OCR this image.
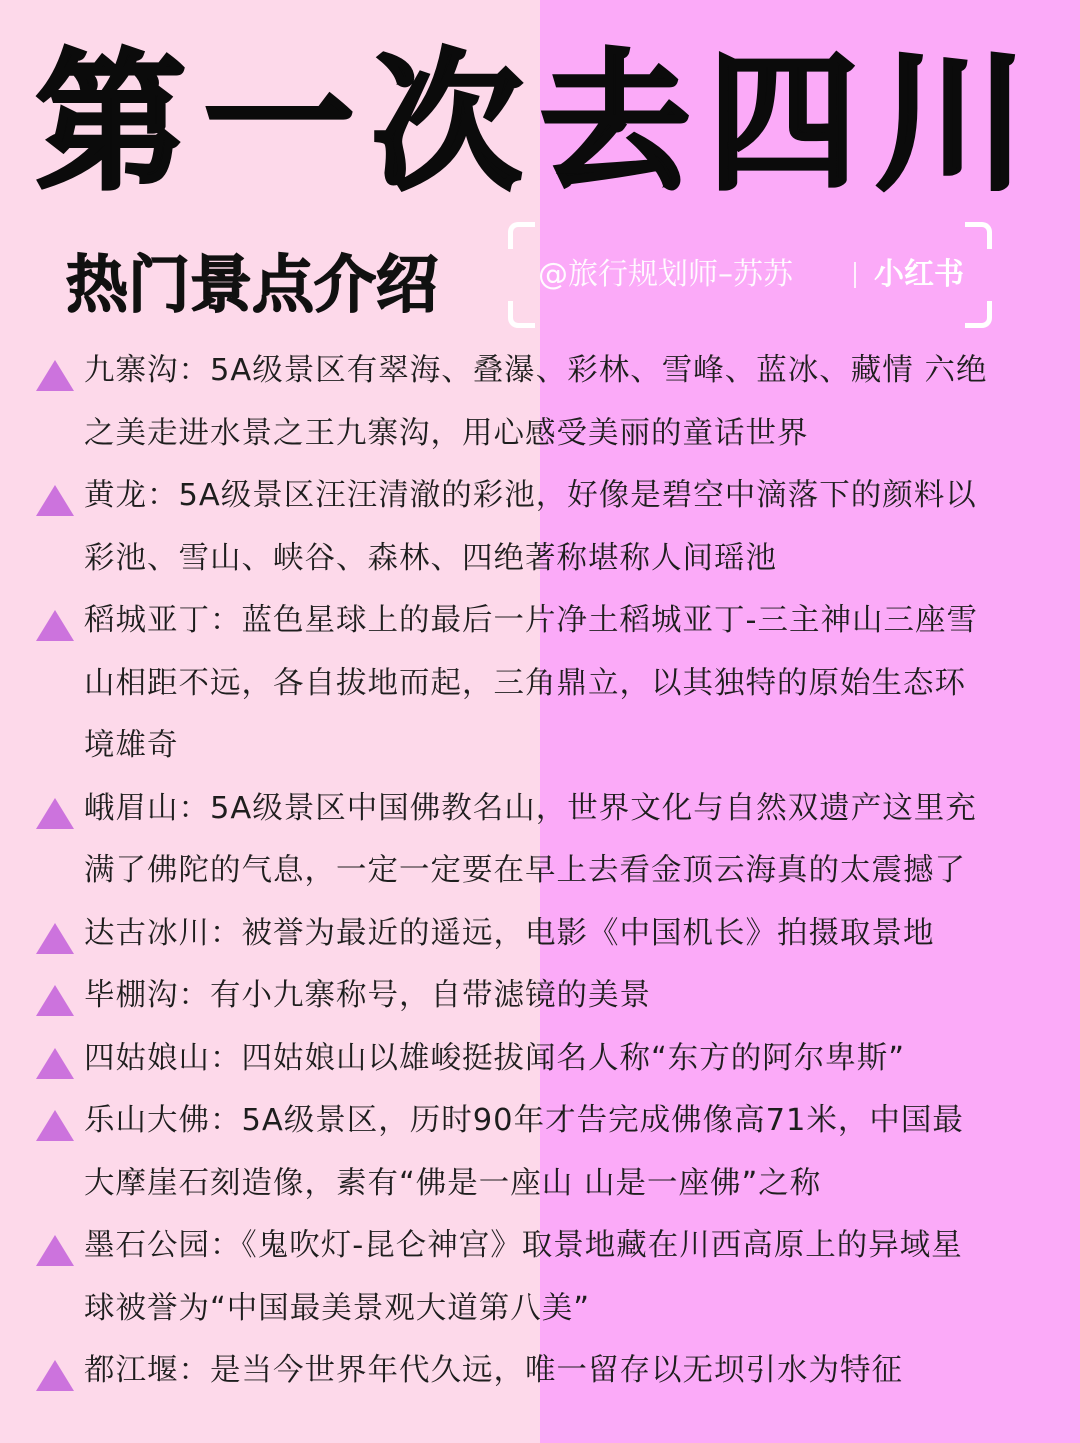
第一次去四川
热门景点介绍	@旅行规划师–苏苏	小红书
九寨沟：5A级景区有翠海、叠瀑、彩林、雪峰、蓝冰、藏情 六绝
之美走进水景之王九寨沟，用心感受美丽的童话世界
黄龙：5A级景区汪汪清澈的彩池，好像是碧空中滴落下的颜料以
彩池、雪山、峡谷、森林、四绝著称堪称人间瑶池
稻城亚丁：蓝色星球上的最后一片净土稻城亚丁-三主神山三座雪
山相距不远，各自拔地而起，三角鼎立，以其独特的原始生态环
境雄奇
峨眉山：5A级景区中国佛教名山，世界文化与自然双遗产这里充
满了佛陀的气息，一定一定要在早上去看金顶云海真的太震撼了
达古冰川：被誉为最近的遥远，电影《中国机长》拍摄取景地
毕棚沟：有小九寨称号，自带滤镜的美景
四姑娘山：四姑娘山以雄峻挺拔闻名人称“东方的阿尔卑斯”
乐山大佛：5A级景区，历时90年才告完成佛像高71米，中国最
大摩崖石刻造像，素有“佛是一座山 山是一座佛”之称
墨石公园：《鬼吹灯-昆仑神宫》取景地藏在川西高原上的异域星
球被誉为“中国最美景观大道第八美”
都江堰：是当今世界年代久远，唯一留存以无坝引水为特征
